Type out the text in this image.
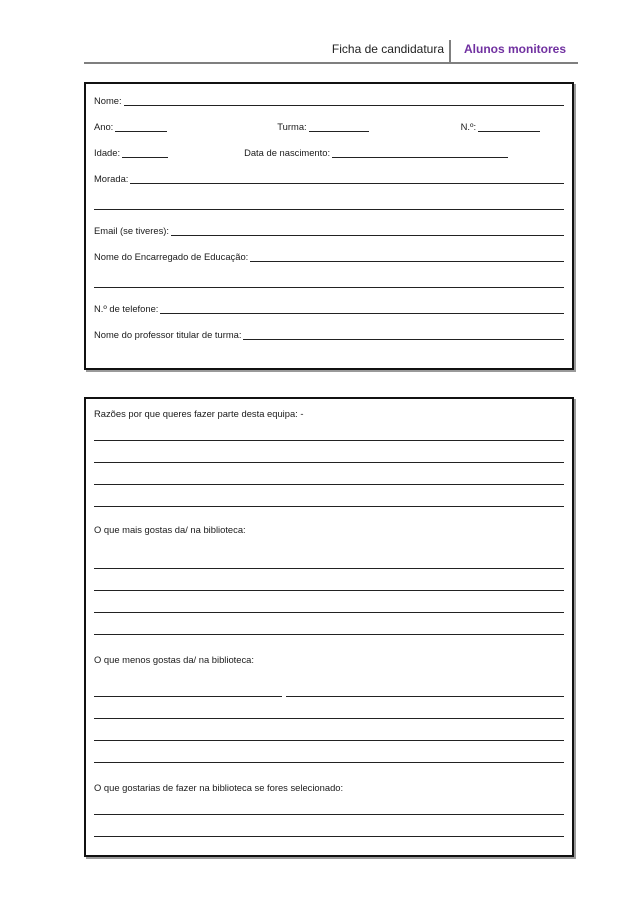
Ficha de candidatura Alunos monitores
Nome:
Ano:	Turma:	N.º:
Idade:	Data de nascimento:
Morada:
Email (se tiveres):
Nome do Encarregado de Educação:
N.º de telefone:
Nome do professor titular de turma:
Razões por que queres fazer parte desta equipa: -
O que mais gostas da/ na biblioteca:
O que menos gostas da/ na biblioteca:
O que gostarias de fazer na biblioteca se fores selecionado:
